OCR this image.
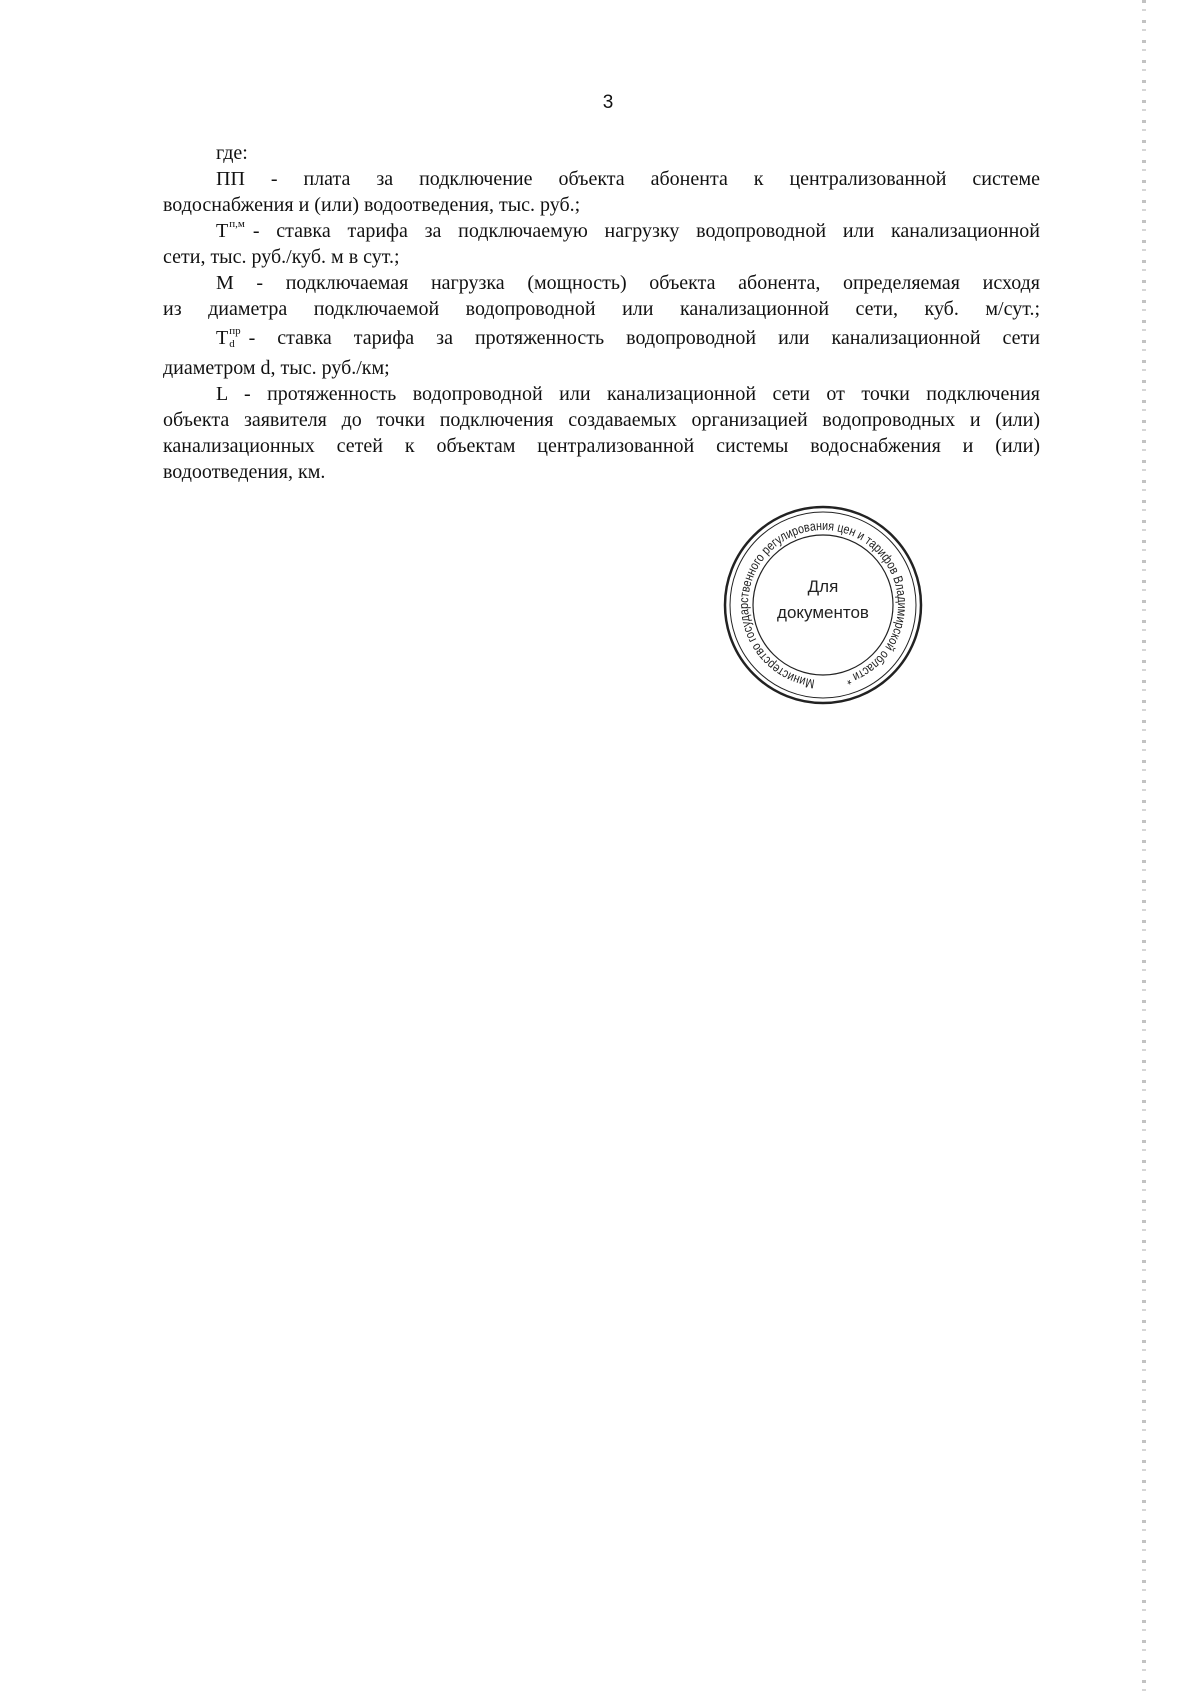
3
где:
ПП - плата за подключение объекта абонента к централизованной системе
водоснабжения и (или) водоотведения, тыс. руб.;
Т п,м - ставка тарифа за подключаемую нагрузку водопроводной или канализационной
сети, тыс. руб./куб. м в сут.;
М - подключаемая нагрузка (мощность) объекта абонента, определяемая исходя
из диаметра подключаемой водопроводной или канализационной сети, куб. м/сут.;
Т пр
d - ставка тарифа за протяженность водопроводной или канализационной сети
диаметром d, тыс. руб./км;
L - протяженность водопроводной или канализационной сети от точки подключения
объекта заявителя до точки подключения создаваемых организацией водопроводных и (или)
канализационных сетей к объектам централизованной системы водоснабжения и (или)
водоотведения, км.
Министерство государственного регулирования цен и тарифов Владимирской области *
Для
документов
